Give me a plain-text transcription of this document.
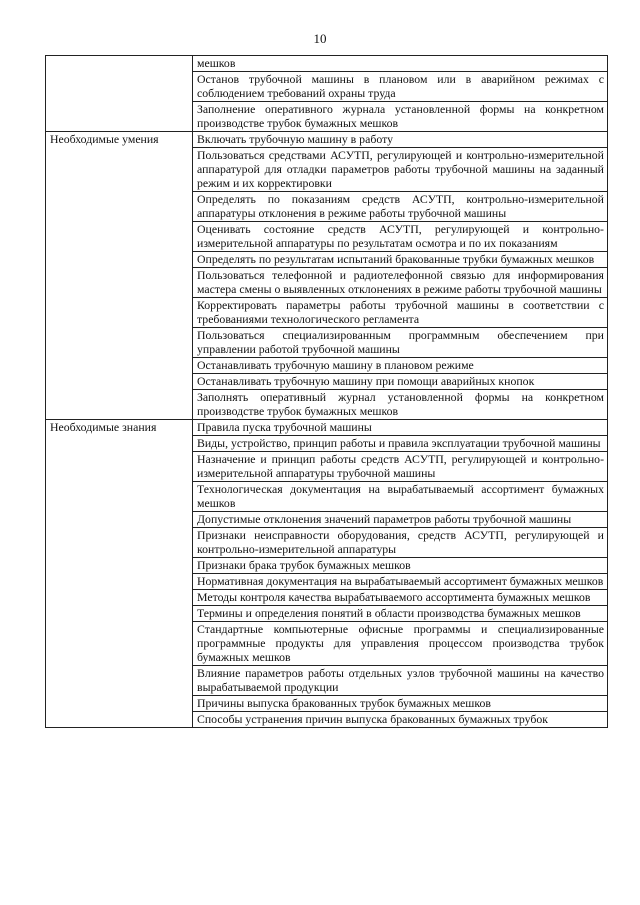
10
	мешков
	Останов трубочной машины в плановом или в аварийном режимах с соблюдением требований охраны труда
	Заполнение оперативного журнала установленной формы на конкретном производстве трубок бумажных мешков
Необходимые умения	Включать трубочную машину в работу
	Пользоваться средствами АСУТП, регулирующей и контрольно-измерительной аппаратурой для отладки параметров работы трубочной машины на заданный режим и их корректировки
	Определять по показаниям средств АСУТП, контрольно-измерительной аппаратуры отклонения в режиме работы трубочной машины
	Оценивать состояние средств АСУТП, регулирующей и контрольно-измерительной аппаратуры по результатам осмотра и по их показаниям
	Определять по результатам испытаний бракованные трубки бумажных мешков
	Пользоваться телефонной и радиотелефонной связью для информирования мастера смены о выявленных отклонениях в режиме работы трубочной машины
	Корректировать параметры работы трубочной машины в соответствии с требованиями технологического регламента
	Пользоваться специализированным программным обеспечением при управлении работой трубочной машины
	Останавливать трубочную машину в плановом режиме
	Останавливать трубочную машину при помощи аварийных кнопок
	Заполнять оперативный журнал установленной формы на конкретном производстве трубок бумажных мешков
Необходимые знания	Правила пуска трубочной машины
	Виды, устройство, принцип работы и правила эксплуатации трубочной машины
	Назначение и принцип работы средств АСУТП, регулирующей и контрольно-измерительной аппаратуры трубочной машины
	Технологическая документация на вырабатываемый ассортимент бумажных мешков
	Допустимые отклонения значений параметров работы трубочной машины
	Признаки неисправности оборудования, средств АСУТП, регулирующей и контрольно-измерительной аппаратуры
	Признаки брака трубок бумажных мешков
	Нормативная документация на вырабатываемый ассортимент бумажных мешков
	Методы контроля качества вырабатываемого ассортимента бумажных мешков
	Термины и определения понятий в области производства бумажных мешков
	Стандартные компьютерные офисные программы и специализированные программные продукты для управления процессом производства трубок бумажных мешков
	Влияние параметров работы отдельных узлов трубочной машины на качество вырабатываемой продукции
	Причины выпуска бракованных трубок бумажных мешков
	Способы устранения причин выпуска бракованных бумажных трубок
